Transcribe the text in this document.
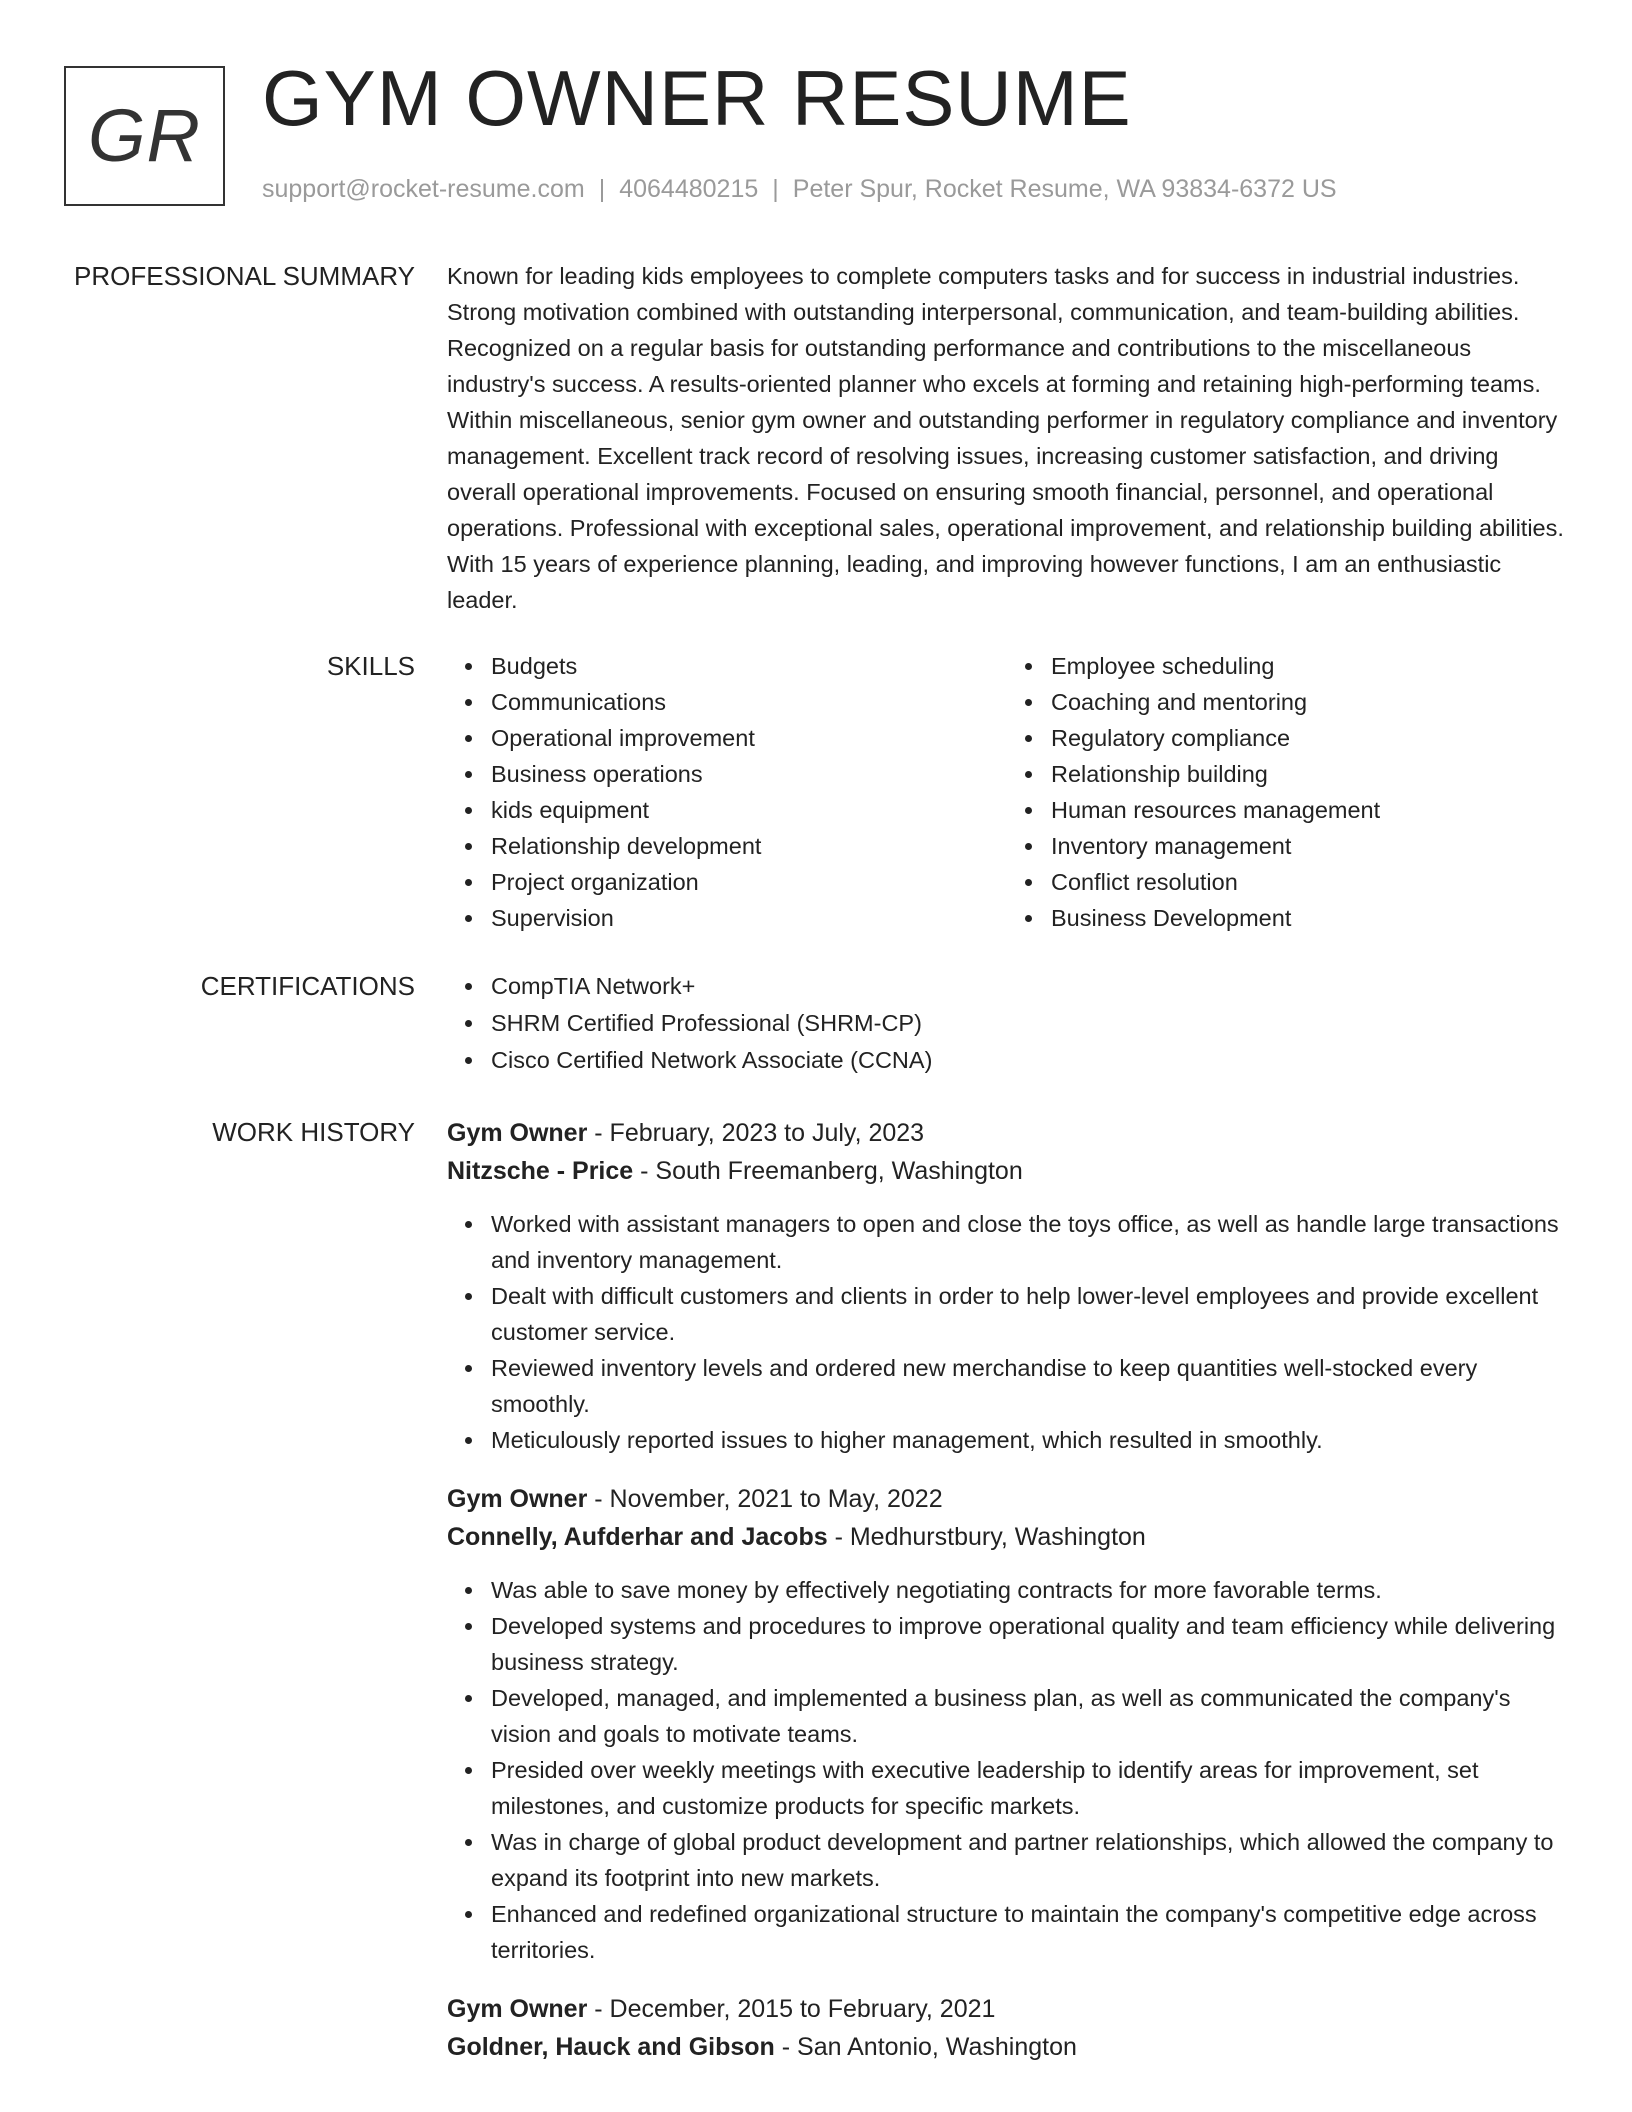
GR GYM OWNER RESUME
support@rocket-resume.com | 4064480215 | Peter Spur, Rocket Resume, WA 93834-6372 US
PROFESSIONAL SUMMARY Known for leading kids employees to complete computers tasks and for success in industrial industries. Strong motivation combined with outstanding interpersonal, communication, and team-building abilities. Recognized on a regular basis for outstanding performance and contributions to the miscellaneous industry's success. A results-oriented planner who excels at forming and retaining high-performing teams. Within miscellaneous, senior gym owner and outstanding performer in regulatory compliance and inventory management. Excellent track record of resolving issues, increasing customer satisfaction, and driving overall operational improvements. Focused on ensuring smooth financial, personnel, and operational operations. Professional with exceptional sales, operational improvement, and relationship building abilities. With 15 years of experience planning, leading, and improving however functions, I am an enthusiastic leader.

SKILLS	Budgets
Communications
Operational improvement
Business operations
kids equipment
Relationship development
Project organization
Supervision
Employee scheduling
Coaching and mentoring
Regulatory compliance
Relationship building
Human resources management
Inventory management
Conflict resolution
Business Development
CERTIFICATIONS	CompTIA Network+
SHRM Certified Professional (SHRM-CP)
Cisco Certified Network Associate (CCNA)
WORK HISTORY Gym Owner - February, 2023 to July, 2023
Nitzsche - Price - South Freemanberg, Washington
Worked with assistant managers to open and close the toys office, as well as handle large transactions and inventory management.
Dealt with difficult customers and clients in order to help lower-level employees and provide excellent customer service.
Reviewed inventory levels and ordered new merchandise to keep quantities well-stocked every smoothly.
Meticulously reported issues to higher management, which resulted in smoothly.
Gym Owner - November, 2021 to May, 2022
Connelly, Aufderhar and Jacobs - Medhurstbury, Washington
Was able to save money by effectively negotiating contracts for more favorable terms.
Developed systems and procedures to improve operational quality and team efficiency while delivering business strategy.
Developed, managed, and implemented a business plan, as well as communicated the company's vision and goals to motivate teams.
Presided over weekly meetings with executive leadership to identify areas for improvement, set milestones, and customize products for specific markets.
Was in charge of global product development and partner relationships, which allowed the company to expand its footprint into new markets.
Enhanced and redefined organizational structure to maintain the company's competitive edge across territories.
Gym Owner - December, 2015 to February, 2021
Goldner, Hauck and Gibson - San Antonio, Washington
